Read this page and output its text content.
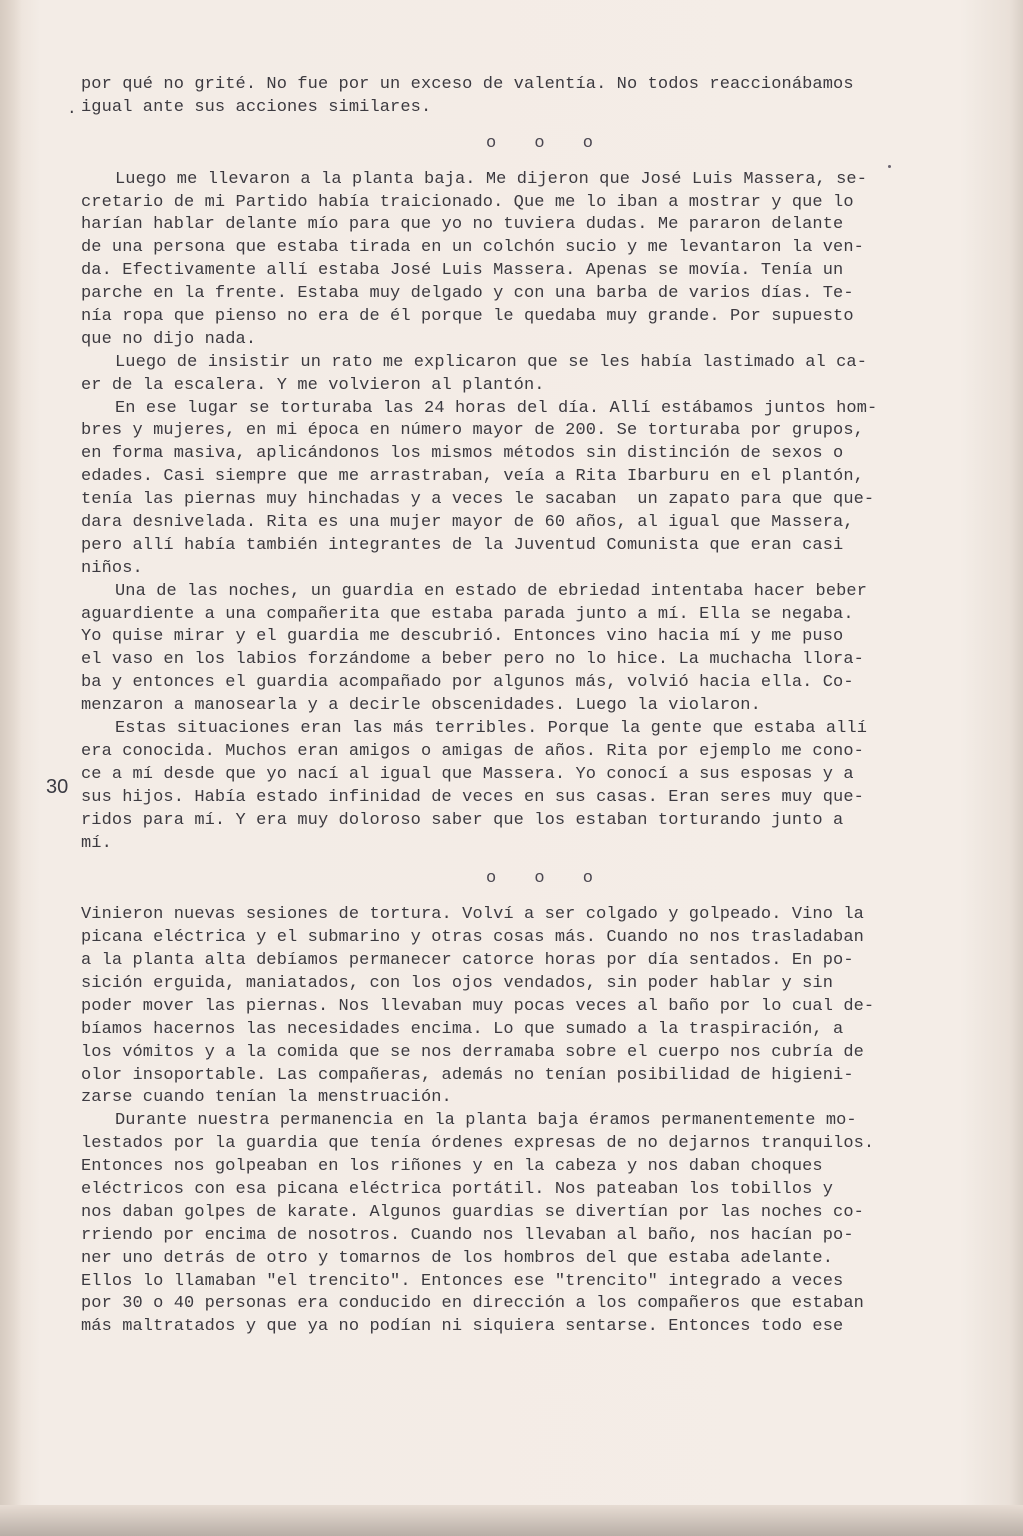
·
30
por qué no grité. No fue por un exceso de valentía. No todos reaccionábamos
igual ante sus acciones similares.
o o o
Luego me llevaron a la planta baja. Me dijeron que José Luis Massera, se-
cretario de mi Partido había traicionado. Que me lo iban a mostrar y que lo
harían hablar delante mío para que yo no tuviera dudas. Me pararon delante
de una persona que estaba tirada en un colchón sucio y me levantaron la ven-
da. Efectivamente allí estaba José Luis Massera. Apenas se movía. Tenía un
parche en la frente. Estaba muy delgado y con una barba de varios días. Te-
nía ropa que pienso no era de él porque le quedaba muy grande. Por supuesto
que no dijo nada.
Luego de insistir un rato me explicaron que se les había lastimado al ca-
er de la escalera. Y me volvieron al plantón.
En ese lugar se torturaba las 24 horas del día. Allí estábamos juntos hom-
bres y mujeres, en mi época en número mayor de 200. Se torturaba por grupos,
en forma masiva, aplicándonos los mismos métodos sin distinción de sexos o
edades. Casi siempre que me arrastraban, veía a Rita Ibarburu en el plantón,
tenía las piernas muy hinchadas y a veces le sacaban  un zapato para que que-
dara desnivelada. Rita es una mujer mayor de 60 años, al igual que Massera,
pero allí había también integrantes de la Juventud Comunista que eran casi
niños.
Una de las noches, un guardia en estado de ebriedad intentaba hacer beber
aguardiente a una compañerita que estaba parada junto a mí. Ella se negaba.
Yo quise mirar y el guardia me descubrió. Entonces vino hacia mí y me puso
el vaso en los labios forzándome a beber pero no lo hice. La muchacha llora-
ba y entonces el guardia acompañado por algunos más, volvió hacia ella. Co-
menzaron a manosearla y a decirle obscenidades. Luego la violaron.
Estas situaciones eran las más terribles. Porque la gente que estaba allí
era conocida. Muchos eran amigos o amigas de años. Rita por ejemplo me cono-
ce a mí desde que yo nací al igual que Massera. Yo conocí a sus esposas y a
sus hijos. Había estado infinidad de veces en sus casas. Eran seres muy que-
ridos para mí. Y era muy doloroso saber que los estaban torturando junto a
mí.
o o o
Vinieron nuevas sesiones de tortura. Volví a ser colgado y golpeado. Vino la
picana eléctrica y el submarino y otras cosas más. Cuando no nos trasladaban
a la planta alta debíamos permanecer catorce horas por día sentados. En po-
sición erguida, maniatados, con los ojos vendados, sin poder hablar y sin
poder mover las piernas. Nos llevaban muy pocas veces al baño por lo cual de-
bíamos hacernos las necesidades encima. Lo que sumado a la traspiración, a
los vómitos y a la comida que se nos derramaba sobre el cuerpo nos cubría de
olor insoportable. Las compañeras, además no tenían posibilidad de higieni-
zarse cuando tenían la menstruación.
Durante nuestra permanencia en la planta baja éramos permanentemente mo-
lestados por la guardia que tenía órdenes expresas de no dejarnos tranquilos.
Entonces nos golpeaban en los riñones y en la cabeza y nos daban choques
eléctricos con esa picana eléctrica portátil. Nos pateaban los tobillos y
nos daban golpes de karate. Algunos guardias se divertían por las noches co-
rriendo por encima de nosotros. Cuando nos llevaban al baño, nos hacían po-
ner uno detrás de otro y tomarnos de los hombros del que estaba adelante.
Ellos lo llamaban "el trencito". Entonces ese "trencito" integrado a veces
por 30 o 40 personas era conducido en dirección a los compañeros que estaban
más maltratados y que ya no podían ni siquiera sentarse. Entonces todo ese
